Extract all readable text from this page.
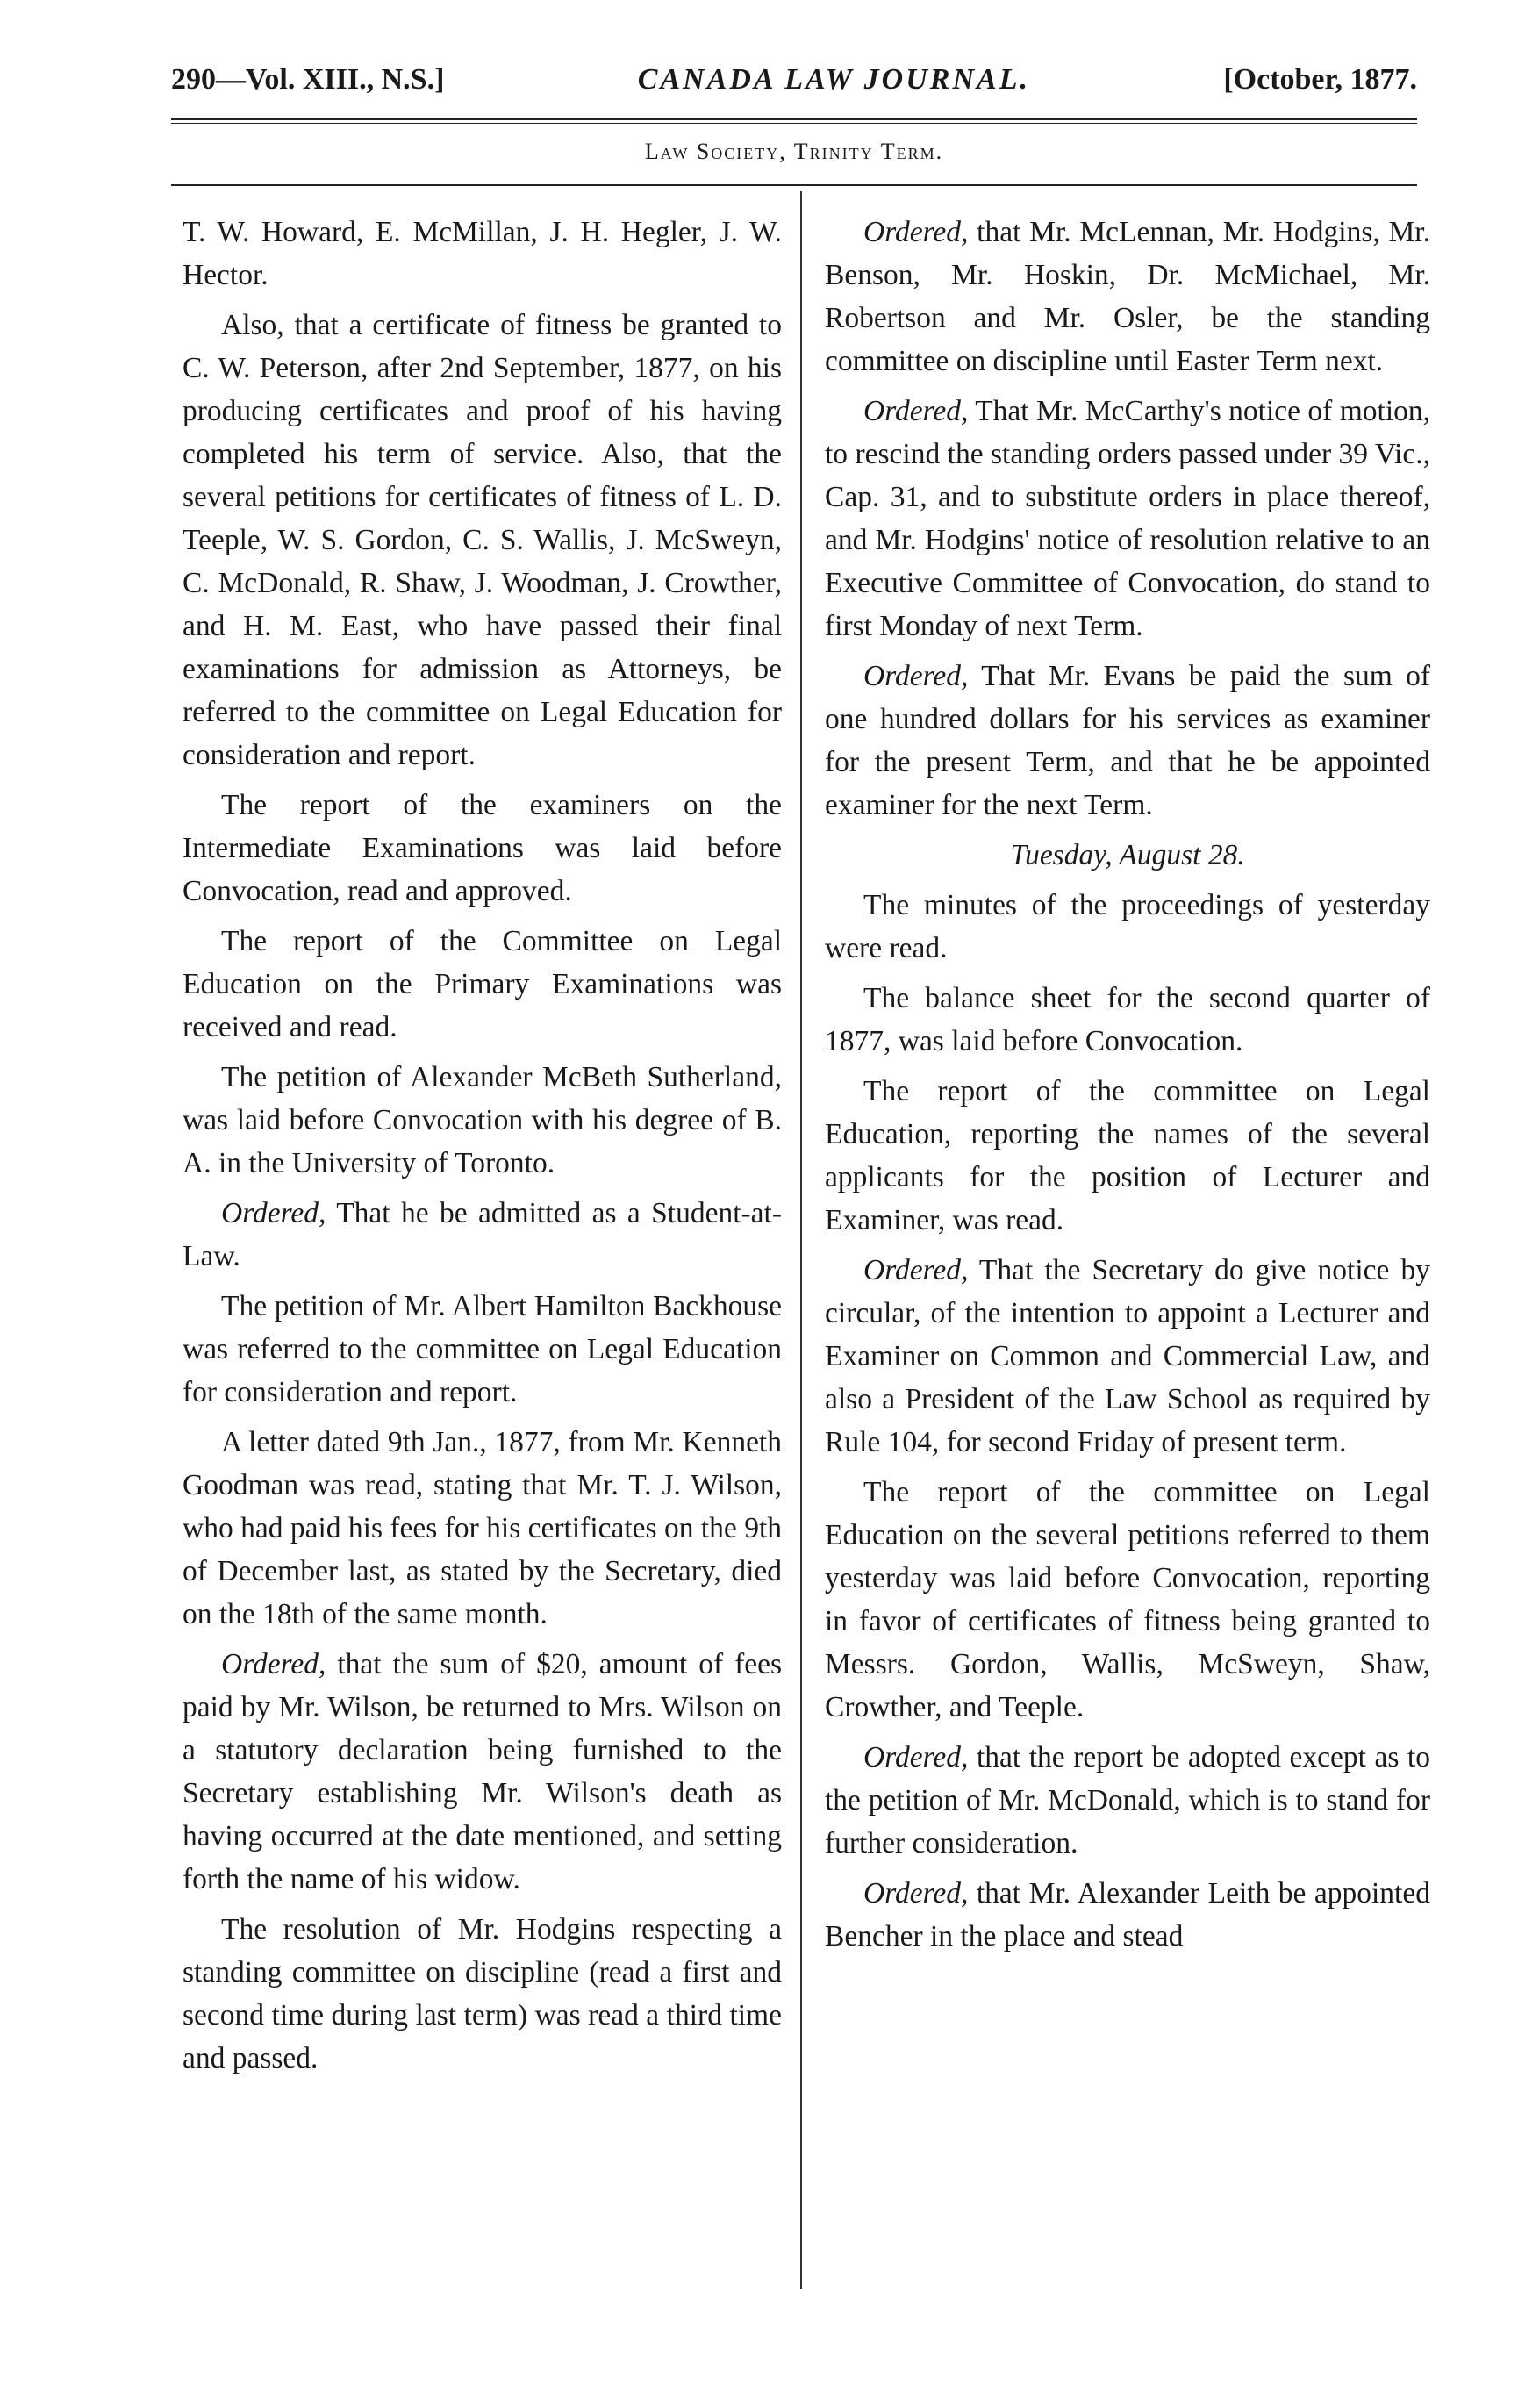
290—Vol. XIII., N.S.]	CANADA LAW JOURNAL.	[October, 1877.
Law Society, Trinity Term.

T. W. Howard, E. McMillan, J. H. Hegler, J. W. Hector.

Also, that a certificate of fitness be granted to C. W. Peterson, after 2nd September, 1877, on his producing certificates and proof of his having completed his term of service. Also, that the several petitions for certificates of fitness of L. D. Teeple, W. S. Gordon, C. S. Wallis, J. McSweyn, C. McDonald, R. Shaw, J. Woodman, J. Crowther, and H. M. East, who have passed their final examinations for admission as Attorneys, be referred to the committee on Legal Education for consideration and report.

The report of the examiners on the Intermediate Examinations was laid before Convocation, read and approved.

The report of the Committee on Legal Education on the Primary Examinations was received and read.

The petition of Alexander McBeth Sutherland, was laid before Convocation with his degree of B. A. in the University of Toronto.

Ordered, That he be admitted as a Student-at-Law.

The petition of Mr. Albert Hamilton Backhouse was referred to the committee on Legal Education for consideration and report.

A letter dated 9th Jan., 1877, from Mr. Kenneth Goodman was read, stating that Mr. T. J. Wilson, who had paid his fees for his certificates on the 9th of December last, as stated by the Secretary, died on the 18th of the same month.

Ordered, that the sum of $20, amount of fees paid by Mr. Wilson, be returned to Mrs. Wilson on a statutory declaration being furnished to the Secretary establishing Mr. Wilson's death as having occurred at the date mentioned, and setting forth the name of his widow.

The resolution of Mr. Hodgins respecting a standing committee on discipline (read a first and second time during last term) was read a third time and passed.

Ordered, that Mr. McLennan, Mr. Hodgins, Mr. Benson, Mr. Hoskin, Dr. McMichael, Mr. Robertson and Mr. Osler, be the standing committee on discipline until Easter Term next.

Ordered, That Mr. McCarthy's notice of motion, to rescind the standing orders passed under 39 Vic., Cap. 31, and to substitute orders in place thereof, and Mr. Hodgins' notice of resolution relative to an Executive Committee of Convocation, do stand to first Monday of next Term.

Ordered, That Mr. Evans be paid the sum of one hundred dollars for his services as examiner for the present Term, and that he be appointed examiner for the next Term.

Tuesday, August 28.

The minutes of the proceedings of yesterday were read.

The balance sheet for the second quarter of 1877, was laid before Convocation.

The report of the committee on Legal Education, reporting the names of the several applicants for the position of Lecturer and Examiner, was read.

Ordered, That the Secretary do give notice by circular, of the intention to appoint a Lecturer and Examiner on Common and Commercial Law, and also a President of the Law School as required by Rule 104, for second Friday of present term.

The report of the committee on Legal Education on the several petitions referred to them yesterday was laid before Convocation, reporting in favor of certificates of fitness being granted to Messrs. Gordon, Wallis, McSweyn, Shaw, Crowther, and Teeple.

Ordered, that the report be adopted except as to the petition of Mr. McDonald, which is to stand for further consideration.

Ordered, that Mr. Alexander Leith be appointed Bencher in the place and stead
